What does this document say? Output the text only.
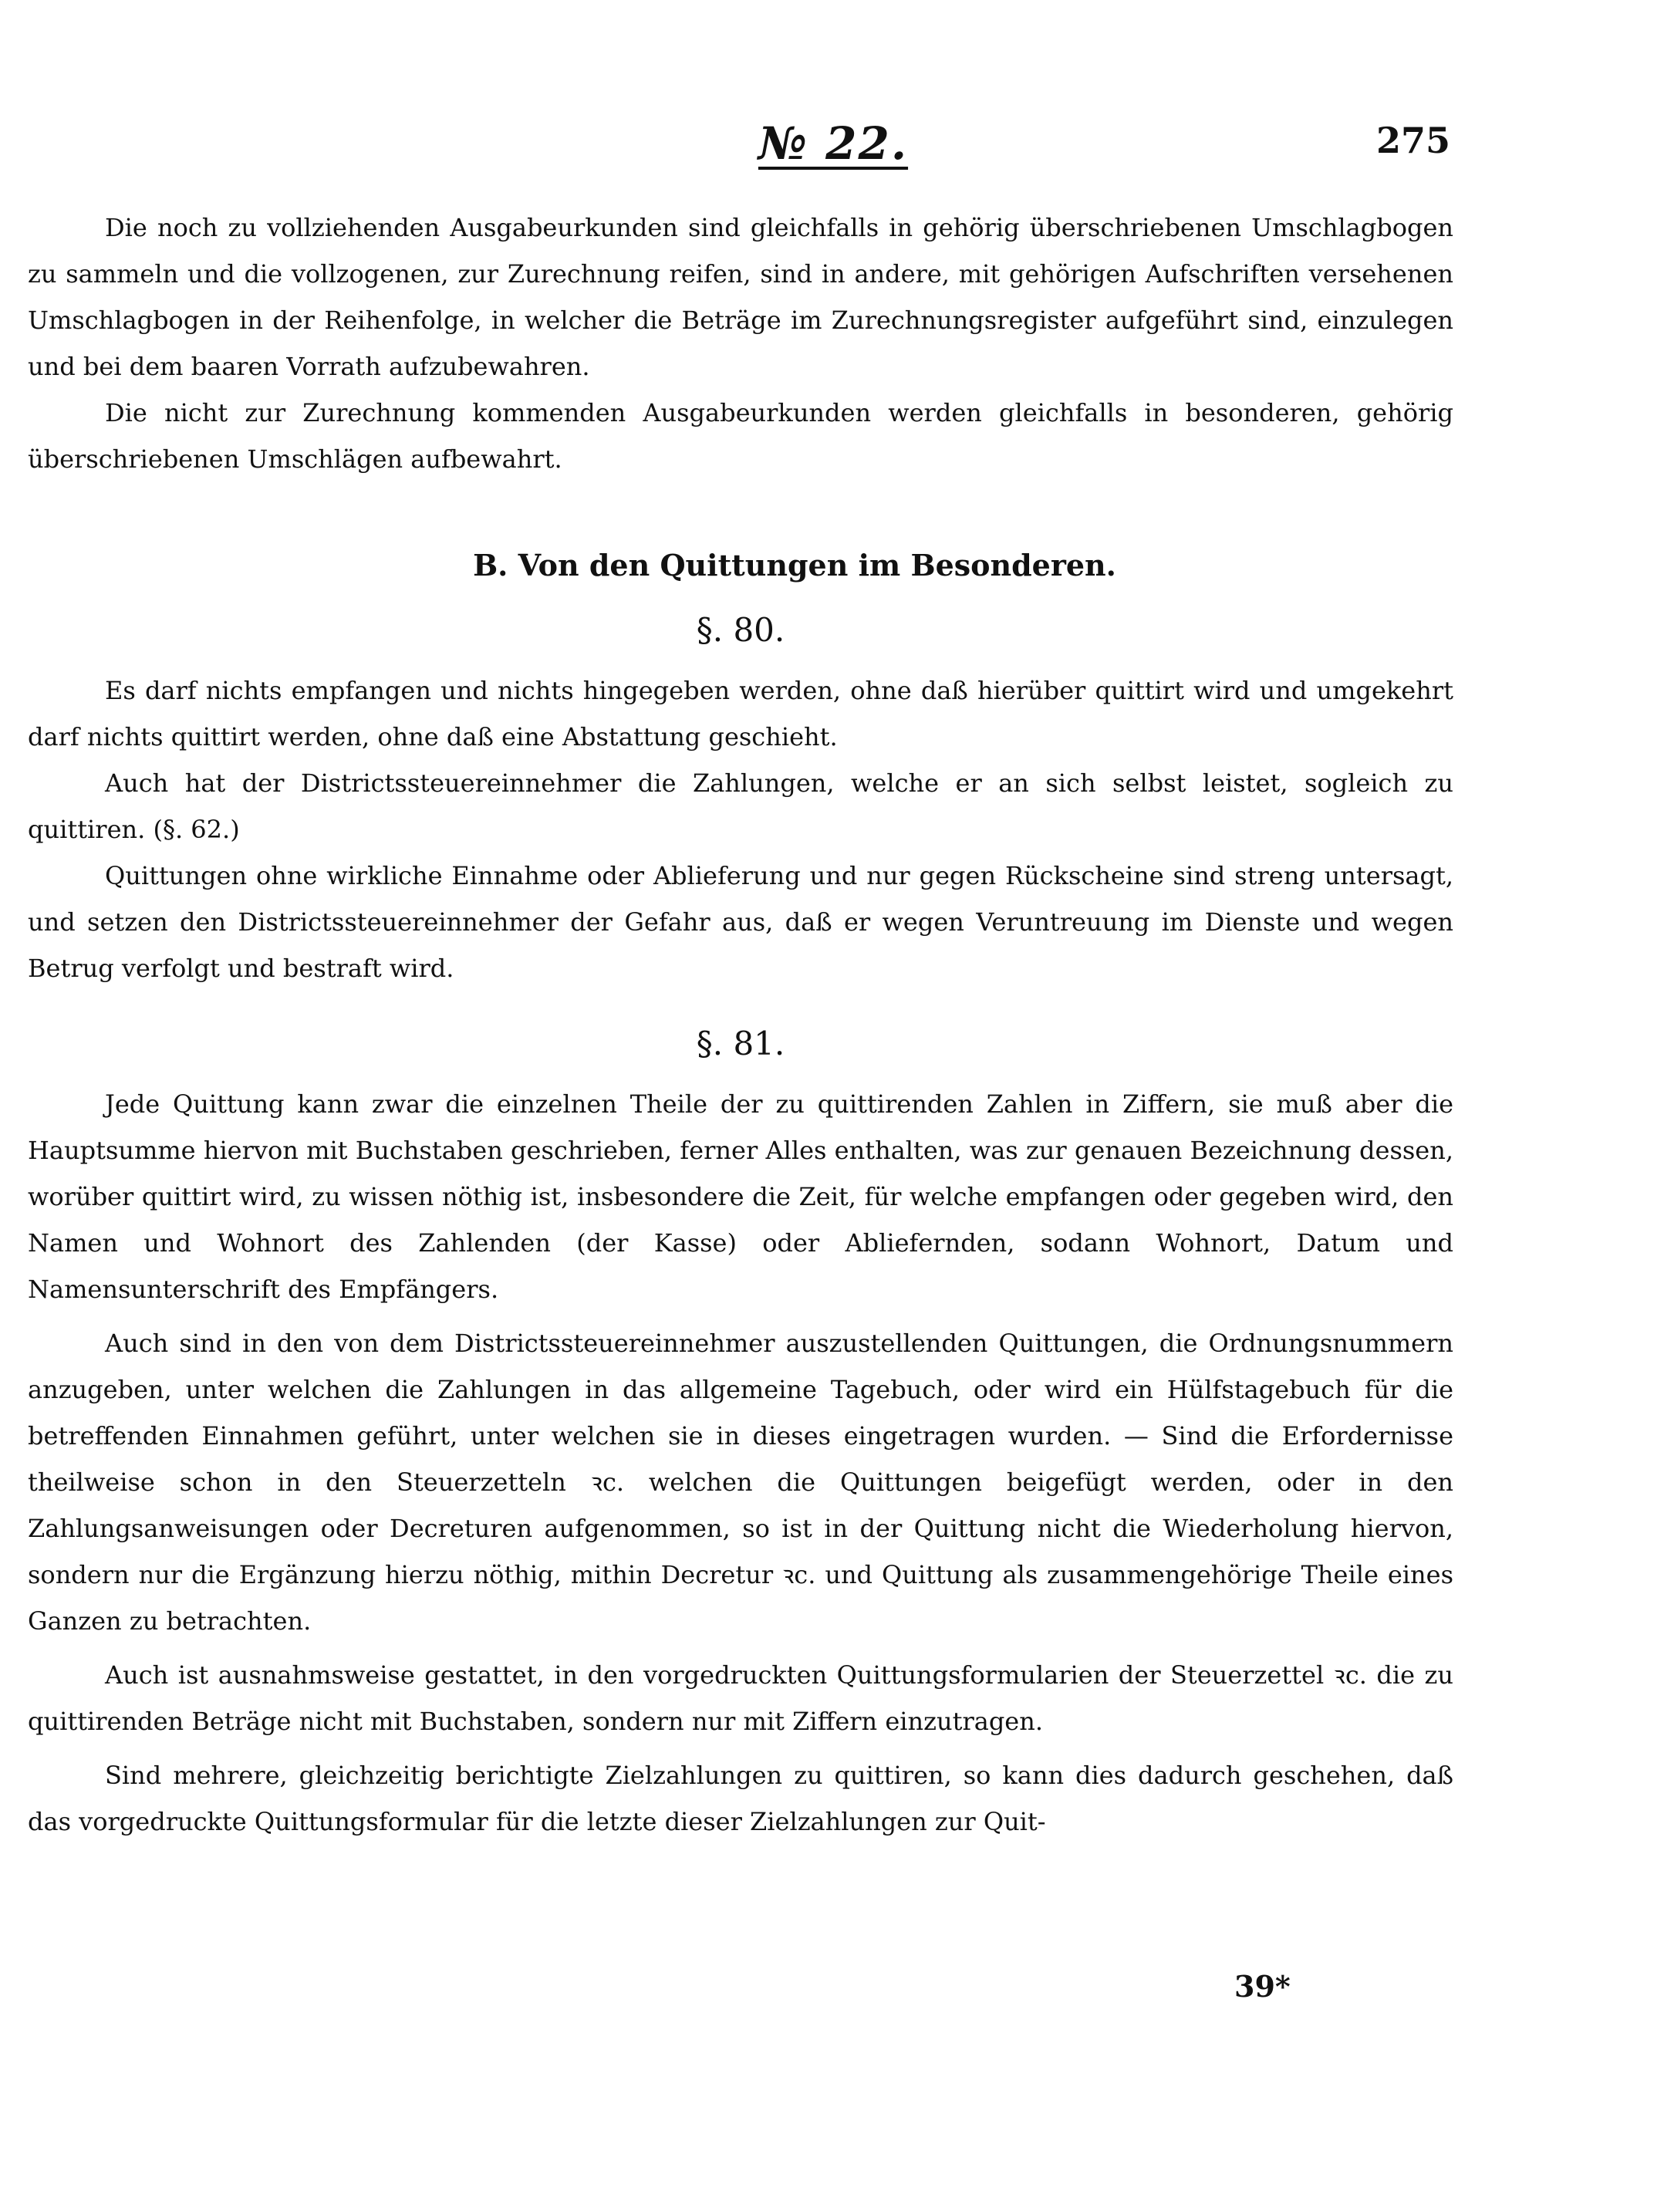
№ 22.	275

Die noch zu vollziehenden Ausgabeurkunden sind gleichfalls in gehörig überschriebenen Umschlagbogen zu sammeln und die vollzogenen, zur Zurechnung reifen, sind in andere, mit gehörigen Aufschriften versehenen Umschlagbogen in der Reihenfolge, in welcher die Beträge im Zurechnungsregister aufgeführt sind, einzulegen und bei dem baaren Vorrath aufzubewahren.

Die nicht zur Zurechnung kommenden Ausgabeurkunden werden gleichfalls in besonderen, gehörig überschriebenen Umschlägen aufbewahrt.

B. Von den Quittungen im Besonderen.
§. 80.

Es darf nichts empfangen und nichts hingegeben werden, ohne daß hierüber quittirt wird und umgekehrt darf nichts quittirt werden, ohne daß eine Abstattung geschieht.

Auch hat der Districtssteuereinnehmer die Zahlungen, welche er an sich selbst leistet, sogleich zu quittiren. (§. 62.)

Quittungen ohne wirkliche Einnahme oder Ablieferung und nur gegen Rückscheine sind streng untersagt, und setzen den Districtssteuereinnehmer der Gefahr aus, daß er wegen Veruntreuung im Dienste und wegen Betrug verfolgt und bestraft wird.

§. 81.

Jede Quittung kann zwar die einzelnen Theile der zu quittirenden Zahlen in Ziffern, sie muß aber die Hauptsumme hiervon mit Buchstaben geschrieben, ferner Alles enthalten, was zur genauen Bezeichnung dessen, worüber quittirt wird, zu wissen nöthig ist, insbesondere die Zeit, für welche empfangen oder gegeben wird, den Namen und Wohnort des Zahlenden (der Kasse) oder Abliefernden, sodann Wohnort, Datum und Namensunterschrift des Empfängers.

Auch sind in den von dem Districtssteuereinnehmer auszustellenden Quittungen, die Ordnungsnummern anzugeben, unter welchen die Zahlungen in das allgemeine Tagebuch, oder wird ein Hülfstagebuch für die betreffenden Einnahmen geführt, unter welchen sie in dieses eingetragen wurden. — Sind die Erfordernisse theilweise schon in den Steuerzetteln ꝛc. welchen die Quittungen beigefügt werden, oder in den Zahlungsanweisungen oder Decreturen aufgenommen, so ist in der Quittung nicht die Wiederholung hiervon, sondern nur die Ergänzung hierzu nöthig, mithin Decretur ꝛc. und Quittung als zusammengehörige Theile eines Ganzen zu betrachten.

Auch ist ausnahmsweise gestattet, in den vorgedruckten Quittungsformularien der Steuerzettel ꝛc. die zu quittirenden Beträge nicht mit Buchstaben, sondern nur mit Ziffern einzutragen.

Sind mehrere, gleichzeitig berichtigte Zielzahlungen zu quittiren, so kann dies dadurch geschehen, daß das vorgedruckte Quittungsformular für die letzte dieser Zielzahlungen zur Quit-

39*
